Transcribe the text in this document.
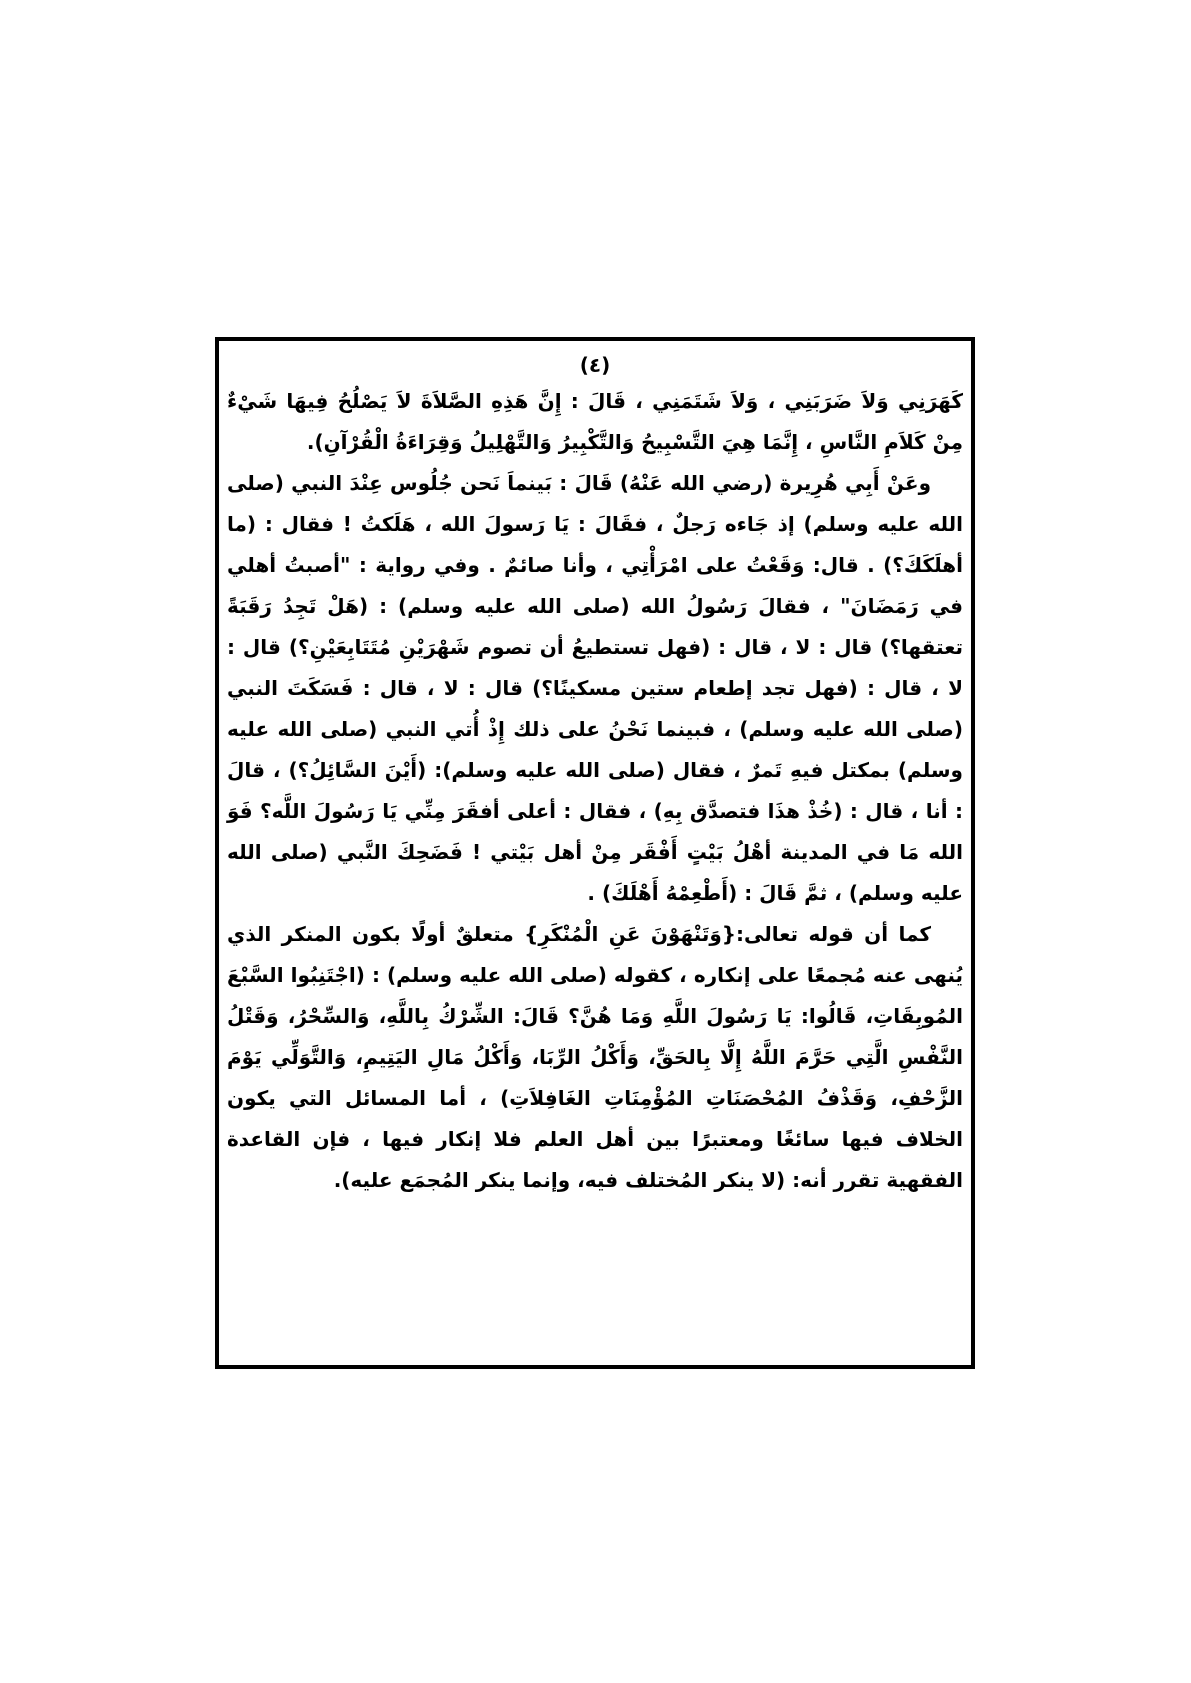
(٤)

كَهَرَنِي وَلاَ ضَرَبَنِي ، وَلاَ شَتَمَنِي ، قَالَ : إِنَّ هَذِهِ الصَّلاَةَ لاَ يَصْلُحُ فِيهَا شَيْءٌ مِنْ كَلاَمِ النَّاسِ ، إِنَّمَا هِيَ التَّسْبِيحُ وَالتَّكْبِيرُ وَالتَّهْلِيلُ وَقِرَاءَةُ الْقُرْآنِ).

وعَنْ أَبِي هُرِيرة (رضي الله عَنْهُ) قَالَ : بَينماَ نَحن جُلُوس عِنْدَ النبي (صلى الله عليه وسلم) إذ جَاءه رَجلٌ ، فقَالَ : يَا رَسولَ الله ، هَلَكتُ ! فقال : (ما أهلَكَكَ؟) . قال: وَقَعْتُ على امْرَأْتِي ، وأنا صائمٌ . وفي رواية : "أصبتُ أهلي في رَمَضَانَ" ، فقالَ رَسُولُ الله (صلى الله عليه وسلم) : (هَلْ تَجِدُ رَقَبَةً تعتقها؟) قال : لا ، قال : (فهل تستطيعُ أن تصوم شَهْرَيْنِ مُتَتَابِعَيْنِ؟) قال : لا ، قال : (فهل تجد إطعام ستين مسكينًا؟) قال : لا ، قال : فَسَكَتَ النبي (صلى الله عليه وسلم) ، فبينما نَحْنُ على ذلك إِذْ أُتي النبي (صلى الله عليه وسلم) بمكتل فيهِ تَمرٌ ، فقال (صلى الله عليه وسلم): (أَيْنَ السَّائِلُ؟) ، قالَ : أنا ، قال : (خُذْ هذَا فتصدَّق بِهِ) ، فقال : أعلى أفقَرَ مِنِّي يَا رَسُولَ اللَّه؟ فَوَ الله مَا في المدينة أهْلُ بَيْتٍ أَفْقَر مِنْ أهل بَيْتي ! فَضَحِكَ النَّبي (صلى الله عليه وسلم) ، ثمَّ قَالَ : (أَطْعِمْهُ أَهْلَكَ) .

كما أن قوله تعالى:{وَتَنْهَوْنَ عَنِ الْمُنْكَرِ} متعلقٌ أولًا بكون المنكر الذي يُنهى عنه مُجمعًا على إنكاره ، كقوله (صلى الله عليه وسلم) : (اجْتَنِبُوا السَّبْعَ المُوبِقَاتِ، قَالُوا: يَا رَسُولَ اللَّهِ وَمَا هُنَّ؟ قَالَ: الشِّرْكُ بِاللَّهِ، وَالسِّحْرُ، وَقَتْلُ النَّفْسِ الَّتِي حَرَّمَ اللَّهُ إِلَّا بِالحَقِّ، وَأَكْلُ الرِّبَا، وَأَكْلُ مَالِ اليَتِيمِ، وَالتَّوَلِّي يَوْمَ الزَّحْفِ، وَقَذْفُ المُحْصَنَاتِ المُؤْمِنَاتِ الغَافِلاَتِ) ، أما المسائل التي يكون الخلاف فيها سائغًا ومعتبرًا بين أهل العلم فلا إنكار فيها ، فإن القاعدة الفقهية تقرر أنه: (لا ينكر المُختلف فيه، وإنما ينكر المُجمَع عليه).
